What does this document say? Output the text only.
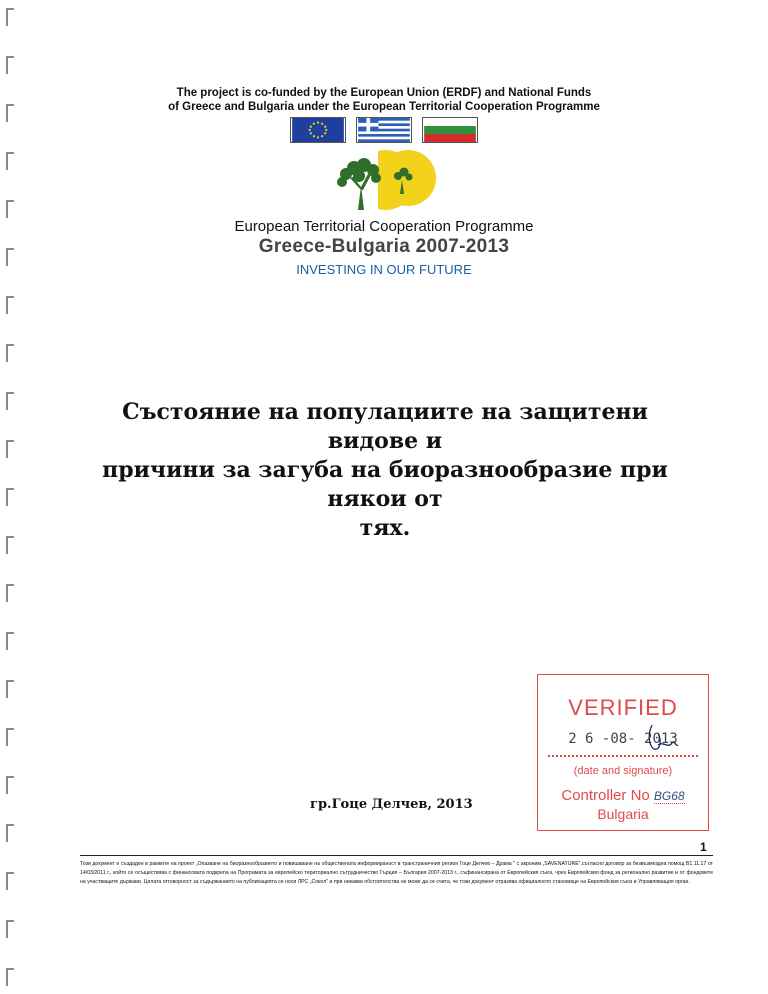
The project is co-funded by the European Union (ERDF) and National Funds
of Greece and Bulgaria under the European Territorial Cooperation Programme
European Territorial Cooperation Programme
Greece-Bulgaria 2007-2013
INVESTING IN OUR FUTURE
Състояние на популациите на защитени видове и
причини за загуба на биоразнообразие при някои от
тях.
VERIFIED
2 6 -08- 2013
(date and signature)
Controller No BG68
Bulgaria
гр.Гоце Делчев, 2013
1
Този документ е създаден в рамките на проект „Опазване на биоразнообразието и повишаване на обществената информираност в трансграничния регион Гоце Делчев – Драма " с акроним „SAVENATURE",съгласно договор за безвъзмездна помощ B1.11.17 от 14/03/2011 г., който се осъществява с финансовата подкрепа на Програмата за европейско териториално сътрудничество Гърция – България 2007-2013 г., съфинансирана от Европейския съюз, чрез Европейския фонд за регионално развитие и от фондовете на участващите държави. Цялата отговорност за съдържанието на публикацията се носи ЛРС „Сокол" и при никакви обстоятелства не може да се счита, че този документ отразява официалното становище на Европейския съюз и Управляващия орган.
